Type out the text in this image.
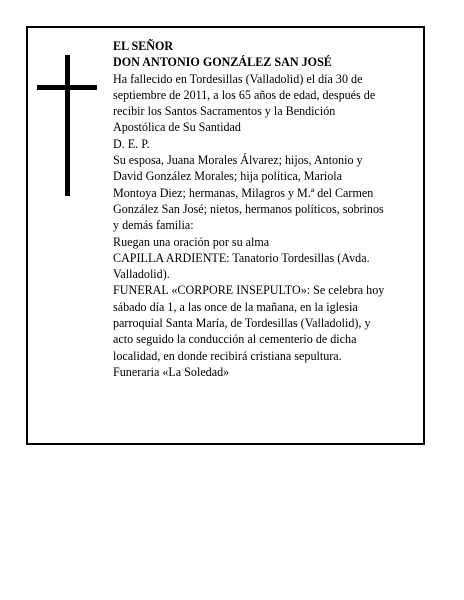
EL SEÑOR
DON ANTONIO GONZÁLEZ SAN JOSÉ
Ha fallecido en Tordesillas (Valladolid) el día 30 de
septiembre de 2011, a los 65 años de edad, después de
recibir los Santos Sacramentos y la Bendición
Apostólica de Su Santidad
D. E. P.
Su esposa, Juana Morales Álvarez; hijos, Antonio y
David González Morales; hija política, Mariola
Montoya Diez; hermanas, Milagros y M.ª del Carmen
González San José; nietos, hermanos políticos, sobrinos
y demás familia:
Ruegan una oración por su alma
CAPILLA ARDIENTE: Tanatorio Tordesillas (Avda.
Valladolid).
FUNERAL «CORPORE INSEPULTO»: Se celebra hoy
sábado día 1, a las once de la mañana, en la iglesia
parroquial Santa María, de Tordesillas (Valladolid), y
acto seguido la conducción al cementerio de dicha
localidad, en donde recibirá cristiana sepultura.
Funeraria «La Soledad»
